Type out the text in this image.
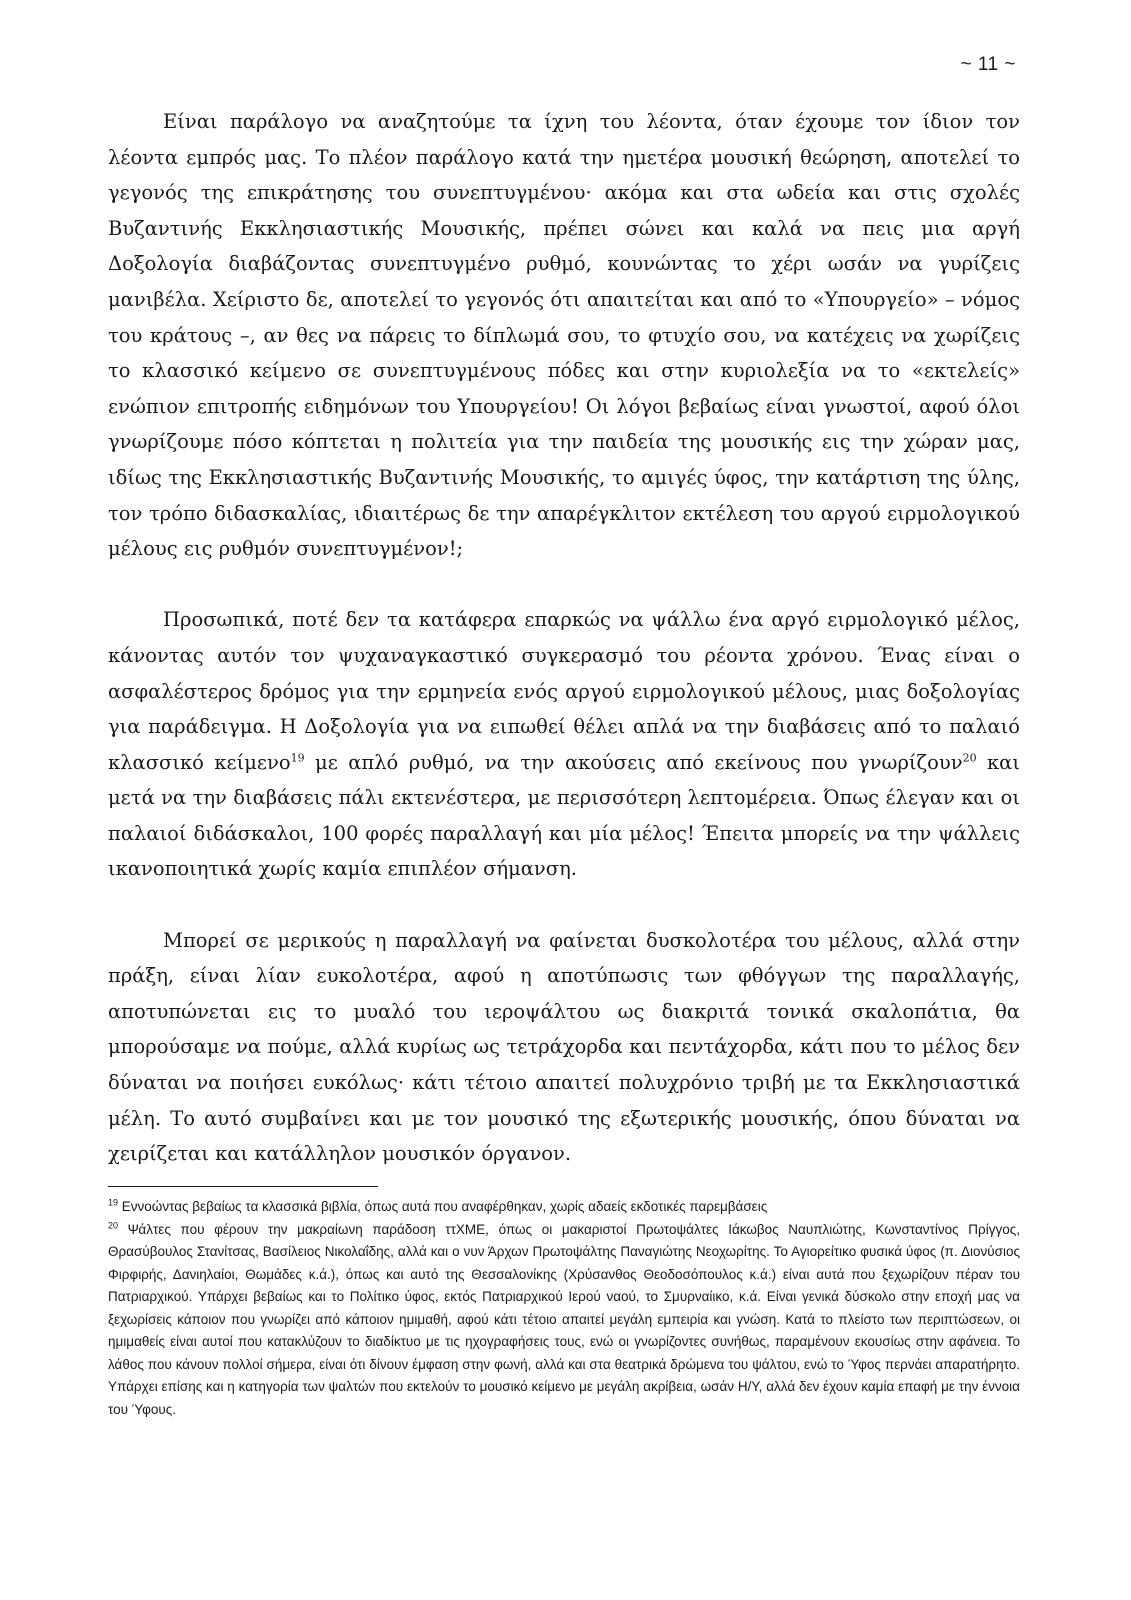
~ 11 ~

Είναι παράλογο να αναζητούμε τα ίχνη του λέοντα, όταν έχουμε τον ίδιον τον λέοντα εμπρός μας. Το πλέον παράλογο κατά την ημετέρα μουσική θεώρηση, αποτελεί το γεγονός της επικράτησης του συνεπτυγμένου· ακόμα και στα ωδεία και στις σχολές Βυζαντινής Εκκλησιαστικής Μουσικής, πρέπει σώνει και καλά να πεις μια αργή Δοξολογία διαβάζοντας συνεπτυγμένο ρυθμό, κουνώντας το χέρι ωσάν να γυρίζεις μανιβέλα. Χείριστο δε, αποτελεί το γεγονός ότι απαιτείται και από το «Υπουργείο» – νόμος του κράτους –, αν θες να πάρεις το δίπλωμά σου, το φτυχίο σου, να κατέχεις να χωρίζεις το κλασσικό κείμενο σε συνεπτυγμένους πόδες και στην κυριολεξία να το «εκτελείς» ενώπιον επιτροπής ειδημόνων του Υπουργείου! Οι λόγοι βεβαίως είναι γνωστοί, αφού όλοι γνωρίζουμε πόσο κόπτεται η πολιτεία για την παιδεία της μουσικής εις την χώραν μας, ιδίως της Εκκλησιαστικής Βυζαντινής Μουσικής, το αμιγές ύφος, την κατάρτιση της ύλης, τον τρόπο διδασκαλίας, ιδιαιτέρως δε την απαρέγκλιτον εκτέλεση του αργού ειρμολογικού μέλους εις ρυθμόν συνεπτυγμένον!;

Προσωπικά, ποτέ δεν τα κατάφερα επαρκώς να ψάλλω ένα αργό ειρμολογικό μέλος, κάνοντας αυτόν τον ψυχαναγκαστικό συγκερασμό του ρέοντα χρόνου. Ένας είναι ο ασφαλέστερος δρόμος για την ερμηνεία ενός αργού ειρμολογικού μέλους, μιας δοξολογίας για παράδειγμα. Η Δοξολογία για να ειπωθεί θέλει απλά να την διαβάσεις από το παλαιό κλασσικό κείμενο$^{19}$ με απλό ρυθμό, να την ακούσεις από εκείνους που γνωρίζουν$^{20}$ και μετά να την διαβάσεις πάλι εκτενέστερα, με περισσότερη λεπτομέρεια. Όπως έλεγαν και οι παλαιοί διδάσκαλοι, 100 φορές παραλλαγή και μία μέλος! Έπειτα μπορείς να την ψάλλεις ικανοποιητικά χωρίς καμία επιπλέον σήμανση.

Μπορεί σε μερικούς η παραλλαγή να φαίνεται δυσκολοτέρα του μέλους, αλλά στην πράξη, είναι λίαν ευκολοτέρα, αφού η αποτύπωσις των φθόγγων της παραλλαγής, αποτυπώνεται εις το μυαλό του ιεροψάλτου ως διακριτά τονικά σκαλοπάτια, θα μπορούσαμε να πούμε, αλλά κυρίως ως τετράχορδα και πεντάχορδα, κάτι που το μέλος δεν δύναται να ποιήσει ευκόλως· κάτι τέτοιο απαιτεί πολυχρόνιο τριβή με τα Εκκλησιαστικά μέλη. Το αυτό συμβαίνει και με τον μουσικό της εξωτερικής μουσικής, όπου δύναται να χειρίζεται και κατάλληλον μουσικόν όργανον.

$^{19}$ Εννοώντας βεβαίως τα κλασσικά βιβλία, όπως αυτά που αναφέρθηκαν, χωρίς αδαείς εκδοτικές παρεμβάσεις

$^{20}$ Ψάλτες που φέρουν την μακραίωνη παράδοση ττΧΜΕ, όπως οι μακαριστοί Πρωτοψάλτες Ιάκωβος Ναυπλιώτης, Κωνσταντίνος Πρίγγος, Θρασύβουλος Στανίτσας, Βασίλειος Νικολαΐδης, αλλά και ο νυν Άρχων Πρωτοψάλτης Παναγιώτης Νεοχωρίτης. Το Αγιορείτικο φυσικά ύφος (π. Διονύσιος Φιρφιρής, Δανιηλαίοι, Θωμάδες κ.ά.), όπως και αυτό της Θεσσαλονίκης (Χρύσανθος Θεοδοσόπουλος κ.ά.) είναι αυτά που ξεχωρίζουν πέραν του Πατριαρχικού. Υπάρχει βεβαίως και το Πολίτικο ύφος, εκτός Πατριαρχικού Ιερού ναού, το Σμυρναίικο, κ.ά. Είναι γενικά δύσκολο στην εποχή μας να ξεχωρίσεις κάποιον που γνωρίζει από κάποιον ημιμαθή, αφού κάτι τέτοιο απαιτεί μεγάλη εμπειρία και γνώση. Κατά το πλείστο των περιπτώσεων, οι ημιμαθείς είναι αυτοί που κατακλύζουν το διαδίκτυο με τις ηχογραφήσεις τους, ενώ οι γνωρίζοντες συνήθως, παραμένουν εκουσίως στην αφάνεια. Το λάθος που κάνουν πολλοί σήμερα, είναι ότι δίνουν έμφαση στην φωνή, αλλά και στα θεατρικά δρώμενα του ψάλτου, ενώ το Ύφος περνάει απαρατήρητο. Υπάρχει επίσης και η κατηγορία των ψαλτών που εκτελούν το μουσικό κείμενο με μεγάλη ακρίβεια, ωσάν Η/Υ, αλλά δεν έχουν καμία επαφή με την έννοια του Ύφους.
